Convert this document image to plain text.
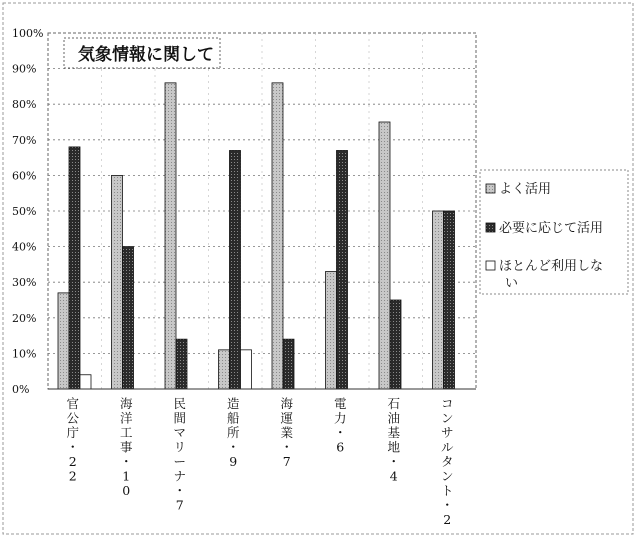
0%
10%
20%
30%
40%
50%
60%
70%
80%
90%
100%
官
公
庁
・
2
2
海
洋
工
事
・
1
0
民
間
マ
リ
ー
ナ
・
7
造
船
所
・
9
海
運
業
・
7
電
力
・
6
石
油
基
地
・
4
コ
ン
サ
ル
タ
ン
ト
・
2
気象情報に関して
よく活用
必要に応じて活用
ほとんど利用しな い
